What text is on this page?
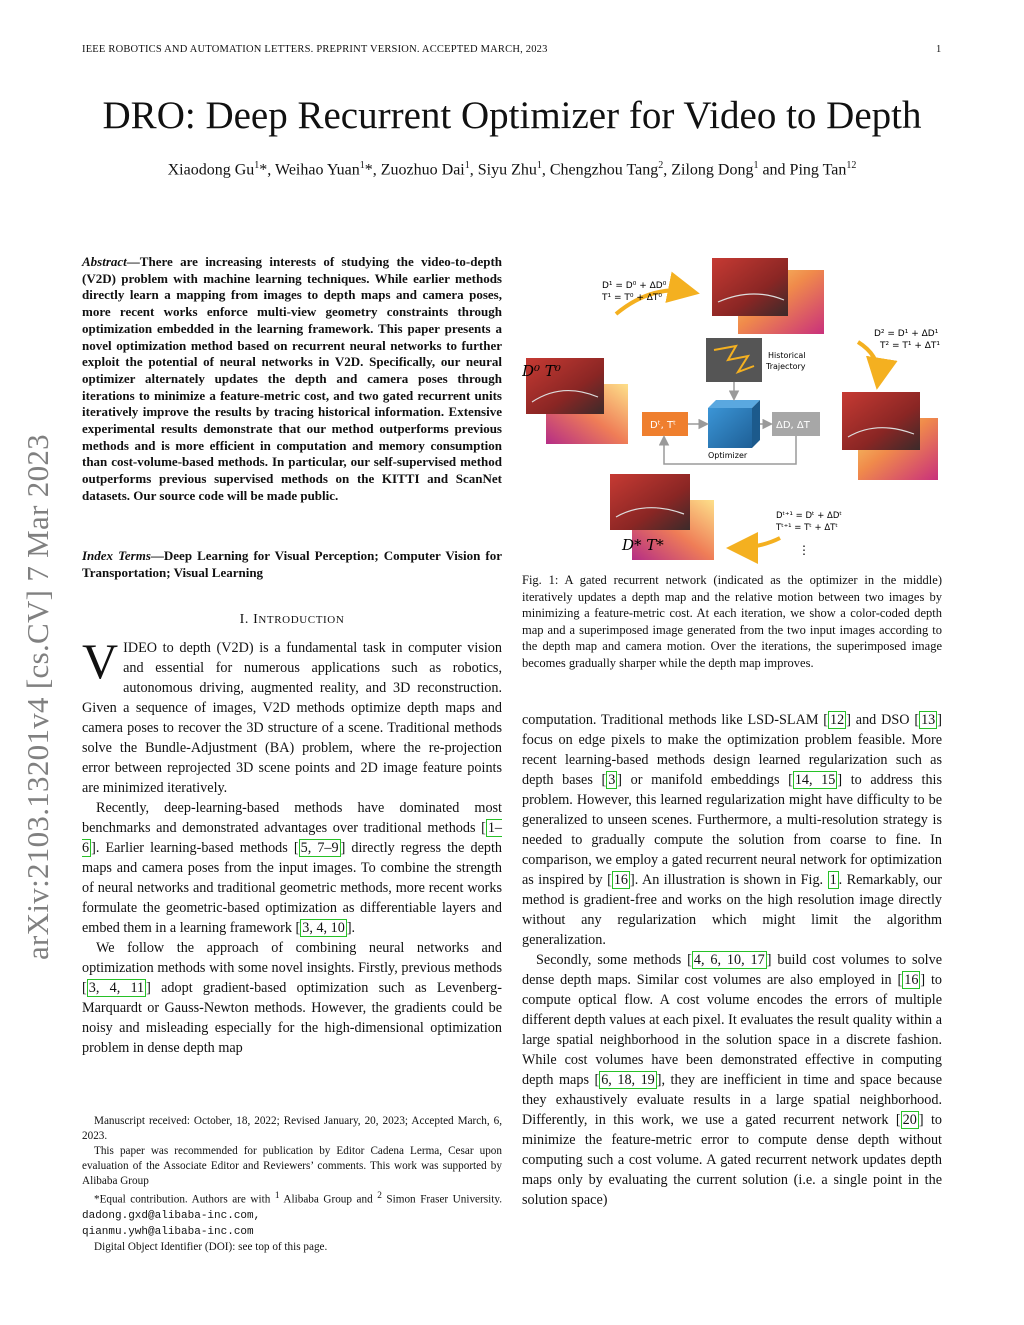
IEEE ROBOTICS AND AUTOMATION LETTERS. PREPRINT VERSION. ACCEPTED MARCH, 2023	1
DRO: Deep Recurrent Optimizer for Video to Depth
Xiaodong Gu$^1$*, Weihao Yuan$^1$*, Zuozhuo Dai$^1$, Siyu Zhu$^1$, Chengzhou Tang$^2$, Zilong Dong$^1$ and Ping Tan$^{12}$
arXiv:2103.13201v4 [cs.CV] 7 Mar 2023
Abstract—There are increasing interests of studying the video-to-depth (V2D) problem with machine learning techniques. While earlier methods directly learn a mapping from images to depth maps and camera poses, more recent works enforce multi-view geometry constraints through optimization embedded in the learning framework. This paper presents a novel optimization method based on recurrent neural networks to further exploit the potential of neural networks in V2D. Specifically, our neural optimizer alternately updates the depth and camera poses through iterations to minimize a feature-metric cost, and two gated recurrent units iteratively improve the results by tracing historical information. Extensive experimental results demonstrate that our method outperforms previous methods and is more efficient in computation and memory consumption than cost-volume-based methods. In particular, our self-supervised method outperforms previous supervised methods on the KITTI and ScanNet datasets. Our source code will be made public.
Index Terms—Deep Learning for Visual Perception; Computer Vision for Transportation; Visual Learning
I. INTRODUCTION

VIDEO to depth (V2D) is a fundamental task in computer vision and essential for numerous applications such as robotics, autonomous driving, augmented reality, and 3D reconstruction. Given a sequence of images, V2D methods optimize depth maps and camera poses to recover the 3D structure of a scene. Traditional methods solve the Bundle-Adjustment (BA) problem, where the re-projection error between reprojected 3D scene points and 2D image feature points are minimized iteratively.

Recently, deep-learning-based methods have dominated most benchmarks and demonstrated advantages over traditional methods [ 1–6 ]. Earlier learning-based methods [ 5, 7–9 ] directly regress the depth maps and camera poses from the input images. To combine the strength of neural networks and traditional geometric methods, more recent works formulate the geometric-based optimization as differentiable layers and embed them in a learning framework [ 3, 4, 10 ].

We follow the approach of combining neural networks and optimization methods with some novel insights. Firstly, previous methods [ 3, 4, 11 ] adopt gradient-based optimization such as Levenberg-Marquardt or Gauss-Newton methods. However, the gradients could be noisy and misleading especially for the high-dimensional optimization problem in dense depth map

Manuscript received: October, 18, 2022; Revised January, 20, 2023; Accepted March, 6, 2023.

This paper was recommended for publication by Editor Cadena Lerma, Cesar upon evaluation of the Associate Editor and Reviewers’ comments. This work was supported by Alibaba Group

*Equal contribution. Authors are with $^1$ Alibaba Group and $^2$ Simon Fraser University. dadong.gxd@alibaba-inc.com,
qianmu.ywh@alibaba-inc.com

Digital Object Identifier (DOI): see top of this page.

D¹ = D⁰ + ΔD⁰
T¹ = T⁰ + ΔT⁰
D² = D¹ + ΔD¹
T² = T¹ + ΔT¹
Dᵗ⁺¹ = Dᵗ + ΔDᵗ
Tᵗ⁺¹ = Tᵗ + ΔTᵗ
⋮
D⁰ T⁰
D* T*
Historical
Trajectory
Optimizer
Dᵗ, Tᵗ	ΔD, ΔT
Fig. 1: A gated recurrent network (indicated as the optimizer in the middle) iteratively updates a depth map and the relative motion between two images by minimizing a feature-metric cost. At each iteration, we show a color-coded depth map and a superimposed image generated from the two input images according to the depth map and camera motion. Over the iterations, the superimposed image becomes gradually sharper while the depth map improves.

computation. Traditional methods like LSD-SLAM [ 12 ] and DSO [ 13 ] focus on edge pixels to make the optimization problem feasible. More recent learning-based methods design learned regularization such as depth bases [ 3 ] or manifold embeddings [ 14, 15 ] to address this problem. However, this learned regularization might have difficulty to be generalized to unseen scenes. Furthermore, a multi-resolution strategy is needed to gradually compute the solution from coarse to fine. In comparison, we employ a gated recurrent neural network for optimization as inspired by [ 16 ]. An illustration is shown in Fig. 1 . Remarkably, our method is gradient-free and works on the high resolution image directly without any regularization which might limit the algorithm generalization.

Secondly, some methods [ 4, 6, 10, 17 ] build cost volumes to solve dense depth maps. Similar cost volumes are also employed in [ 16 ] to compute optical flow. A cost volume encodes the errors of multiple different depth values at each pixel. It evaluates the result quality within a large spatial neighborhood in the solution space in a discrete fashion. While cost volumes have been demonstrated effective in computing depth maps [ 6, 18, 19 ], they are inefficient in time and space because they exhaustively evaluate results in a large spatial neighborhood. Differently, in this work, we use a gated recurrent network [ 20 ] to minimize the feature-metric error to compute dense depth without computing such a cost volume. A gated recurrent network updates depth maps only by evaluating the current solution (i.e. a single point in the solution space)
